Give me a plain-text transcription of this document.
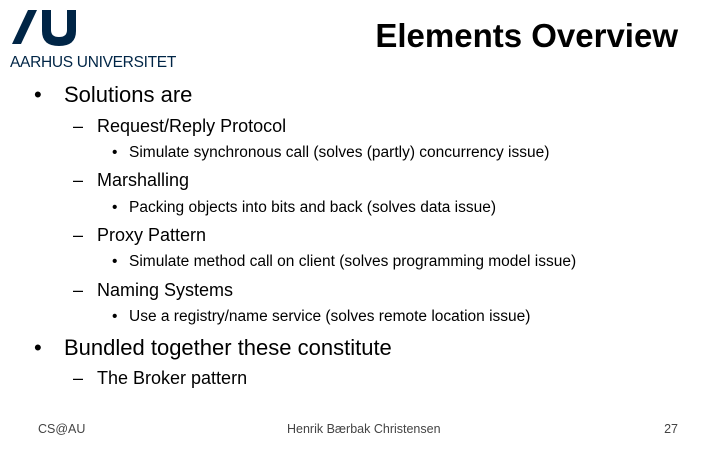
AARHUS UNIVERSITET
Elements Overview
• Solutions are
– Request/Reply Protocol
• Simulate synchronous call (solves (partly) concurrency issue)
– Marshalling
• Packing objects into bits and back (solves data issue)
– Proxy Pattern
• Simulate method call on client (solves programming model issue)
– Naming Systems
• Use a registry/name service (solves remote location issue)
• Bundled together these constitute
– The Broker pattern
CS@AU	Henrik Bærbak Christensen	27
